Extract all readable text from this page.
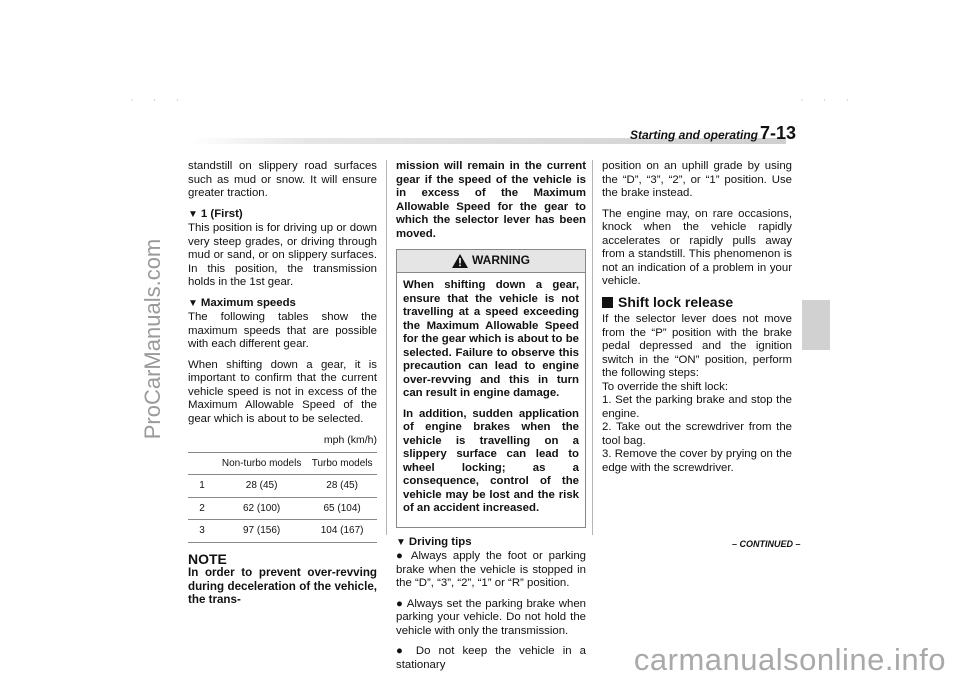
ProCarManuals.com
· · ·	· · ·
Starting and operating 7-13

standstill on slippery road surfaces such as mud or snow. It will ensure greater traction.

▼ 1 (First)

This position is for driving up or down very steep grades, or driving through mud or sand, or on slippery surfaces. In this position, the transmission holds in the 1st gear.

▼ Maximum speeds

The following tables show the maximum speeds that are possible with each different gear.

When shifting down a gear, it is important to confirm that the current vehicle speed is not in excess of the Maximum Allowable Speed of the gear which is about to be selected.

mph (km/h)
	Non-turbo models	Turbo models
1	28 (45)	28 (45)
2	62 (100)	65 (104)
3	97 (156)	104 (167)
NOTE

In order to prevent over-revving during deceleration of the vehicle, the trans-

mission will remain in the current gear if the speed of the vehicle is in excess of the Maximum Allowable Speed for the gear to which the selector lever has been moved.

WARNING

When shifting down a gear, ensure that the vehicle is not travelling at a speed exceeding the Maximum Allowable Speed for the gear which is about to be selected. Failure to observe this precaution can lead to engine over-revving and this in turn can result in engine damage.

In addition, sudden application of engine brakes when the vehicle is travelling on a slippery surface can lead to wheel locking; as a consequence, control of the vehicle may be lost and the risk of an accident increased.

▼ Driving tips

● Always apply the foot or parking brake when the vehicle is stopped in the “D”, “3”, “2”, “1” or “R” position.

● Always set the parking brake when parking your vehicle. Do not hold the vehicle with only the transmission.

● Do not keep the vehicle in a stationary

position on an uphill grade by using the “D”, “3”, “2”, or “1” position. Use the brake instead.

The engine may, on rare occasions, knock when the vehicle rapidly accelerates or rapidly pulls away from a standstill. This phenomenon is not an indication of a problem in your vehicle.

Shift lock release

If the selector lever does not move from the “P” position with the brake pedal depressed and the ignition switch in the “ON” position, perform the following steps:

To override the shift lock:

1. Set the parking brake and stop the engine.

2. Take out the screwdriver from the tool bag.

3. Remove the cover by prying on the edge with the screwdriver.

– CONTINUED –
carmanualsonline.info
